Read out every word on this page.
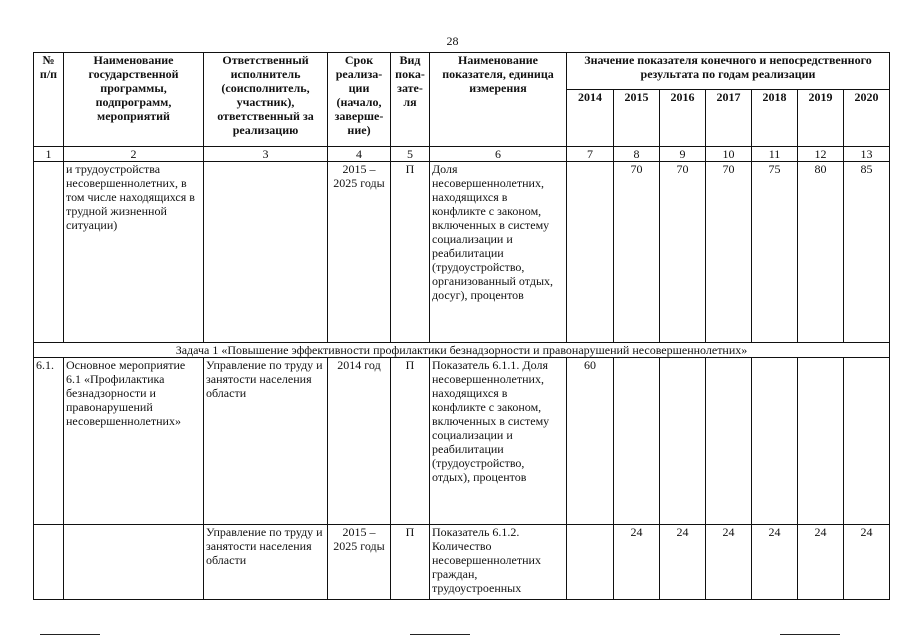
28
№ п/п	Наименование государственной программы, подпрограмм, мероприятий	Ответственный исполнитель (соисполнитель, участник), ответственный за реализацию	Срок реализа-ции (начало, заверше-ние)	Вид пока-зате-ля	Наименование показателя, единица измерения	Значение показателя конечного и непосредственного результата по годам реализации						
						2014	2015	2016	2017	2018	2019	2020
1	2	3	4	5	6	7	8	9	10	11	12	13
	и трудоустройства несовершеннолетних, в том числе находящихся в трудной жизненной ситуации)		2015 – 2025 годы	П	Доля несовершеннолетних, находящихся в конфликте с законом, включенных в систему социализации и реабилитации (трудоустройство, организованный отдых, досуг), процентов		70	70	70	75	80	85
Задача 1 «Повышение эффективности профилактики безнадзорности и правонарушений несовершеннолетних»												
6.1.	Основное мероприятие 6.1 «Профилактика безнадзорности и правонарушений несовершеннолетних»	Управление по труду и занятости населения области	2014 год	П	Показатель 6.1.1. Доля несовершеннолетних, находящихся в конфликте с законом, включенных в систему социализации и реабилитации (трудоустройство, отдых), процентов	60						
		Управление по труду и занятости населения области	2015 – 2025 годы	П	Показатель 6.1.2. Количество несовершеннолетних граждан, трудоустроенных		24	24	24	24	24	24
